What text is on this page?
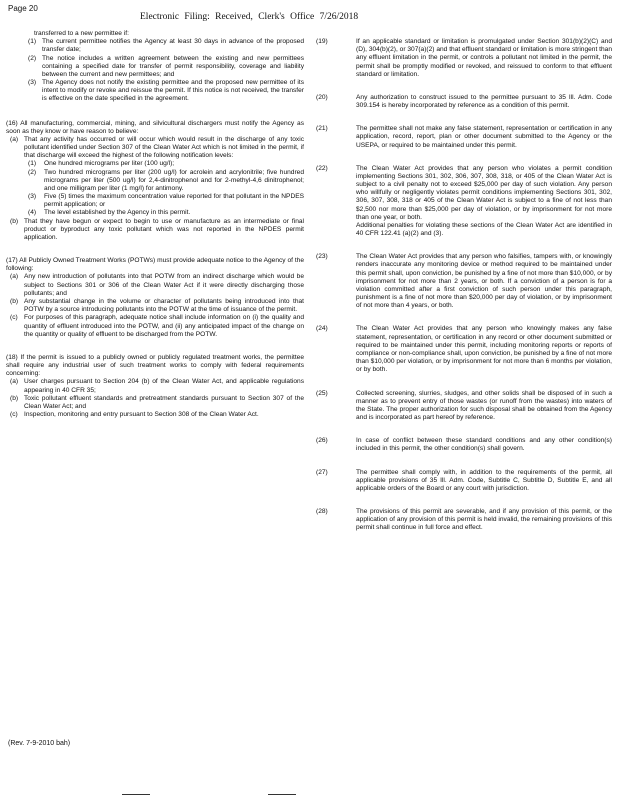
Page 20
Electronic Filing: Received, Clerk's Office 7/26/2018
transferred to a new permittee if:
(1) The current permittee notifies the Agency at least 30 days in advance of the proposed transfer date;
(2) The notice includes a written agreement between the existing and new permittees containing a specified date for transfer of permit responsibility, coverage and liability between the current and new permittees; and
(3) The Agency does not notify the existing permittee and the proposed new permittee of its intent to modify or revoke and reissue the permit. If this notice is not received, the transfer is effective on the date specified in the agreement.
(16) All manufacturing, commercial, mining, and silvicultural dischargers must notify the Agency as soon as they know or have reason to believe:
(a) That any activity has occurred or will occur which would result in the discharge of any toxic pollutant identified under Section 307 of the Clean Water Act which is not limited in the permit, if that discharge will exceed the highest of the following notification levels:
(1) One hundred micrograms per liter (100 ug/l);
(2) Two hundred micrograms per liter (200 ug/l) for acrolein and acrylonitrile; five hundred micrograms per liter (500 ug/l) for 2,4-dinitrophenol and for 2-methyl-4,6 dinitrophenol; and one milligram per liter (1 mg/l) for antimony.
(3) Five (5) times the maximum concentration value reported for that pollutant in the NPDES permit application; or
(4) The level established by the Agency in this permit.
(b) That they have begun or expect to begin to use or manufacture as an intermediate or final product or byproduct any toxic pollutant which was not reported in the NPDES permit application.
(17) All Publicly Owned Treatment Works (POTWs) must provide adequate notice to the Agency of the following:
(a) Any new introduction of pollutants into that POTW from an indirect discharge which would be subject to Sections 301 or 306 of the Clean Water Act if it were directly discharging those pollutants; and
(b) Any substantial change in the volume or character of pollutants being introduced into that POTW by a source introducing pollutants into the POTW at the time of issuance of the permit.
(c) For purposes of this paragraph, adequate notice shall include information on (i) the quality and quantity of effluent introduced into the POTW, and (ii) any anticipated impact of the change on the quantity or quality of effluent to be discharged from the POTW.
(18) If the permit is issued to a publicly owned or publicly regulated treatment works, the permittee shall require any industrial user of such treatment works to comply with federal requirements concerning:
(a) User charges pursuant to Section 204 (b) of the Clean Water Act, and applicable regulations appearing in 40 CFR 35;
(b) Toxic pollutant effluent standards and pretreatment standards pursuant to Section 307 of the Clean Water Act; and
(c) Inspection, monitoring and entry pursuant to Section 308 of the Clean Water Act.
(19)	If an applicable standard or limitation is promulgated under Section 301(b)(2)(C) and (D), 304(b)(2), or 307(a)(2) and that effluent standard or limitation is more stringent than any effluent limitation in the permit, or controls a pollutant not limited in the permit, the permit shall be promptly modified or revoked, and reissued to conform to that effluent standard or limitation.
(20)	Any authorization to construct issued to the permittee pursuant to 35 Ill. Adm. Code 309.154 is hereby incorporated by reference as a condition of this permit.
(21)	The permittee shall not make any false statement, representation or certification in any application, record, report, plan or other document submitted to the Agency or the USEPA, or required to be maintained under this permit.
(22)	The Clean Water Act provides that any person who violates a permit condition implementing Sections 301, 302, 306, 307, 308, 318, or 405 of the Clean Water Act is subject to a civil penalty not to exceed $25,000 per day of such violation. Any person who willfully or negligently violates permit conditions implementing Sections 301, 302, 306, 307, 308, 318 or 405 of the Clean Water Act is subject to a fine of not less than $2,500 nor more than $25,000 per day of violation, or by imprisonment for not more than one year, or both.
Additional penalties for violating these sections of the Clean Water Act are identified in 40 CFR 122.41 (a)(2) and (3).
(23)	The Clean Water Act provides that any person who falsifies, tampers with, or knowingly renders inaccurate any monitoring device or method required to be maintained under this permit shall, upon conviction, be punished by a fine of not more than $10,000, or by imprisonment for not more than 2 years, or both. If a conviction of a person is for a violation committed after a first conviction of such person under this paragraph, punishment is a fine of not more than $20,000 per day of violation, or by imprisonment of not more than 4 years, or both.
(24)	The Clean Water Act provides that any person who knowingly makes any false statement, representation, or certification in any record or other document submitted or required to be maintained under this permit, including monitoring reports or reports of compliance or non-compliance shall, upon conviction, be punished by a fine of not more than $10,000 per violation, or by imprisonment for not more than 6 months per violation, or by both.
(25)	Collected screening, slurries, sludges, and other solids shall be disposed of in such a manner as to prevent entry of those wastes (or runoff from the wastes) into waters of the State. The proper authorization for such disposal shall be obtained from the Agency and is incorporated as part hereof by reference.
(26)	In case of conflict between these standard conditions and any other condition(s) included in this permit, the other condition(s) shall govern.
(27)	The permittee shall comply with, in addition to the requirements of the permit, all applicable provisions of 35 Ill. Adm. Code, Subtitle C, Subtitle D, Subtitle E, and all applicable orders of the Board or any court with jurisdiction.
(28)	The provisions of this permit are severable, and if any provision of this permit, or the application of any provision of this permit is held invalid, the remaining provisions of this permit shall continue in full force and effect.
(Rev. 7-9-2010 bah)
